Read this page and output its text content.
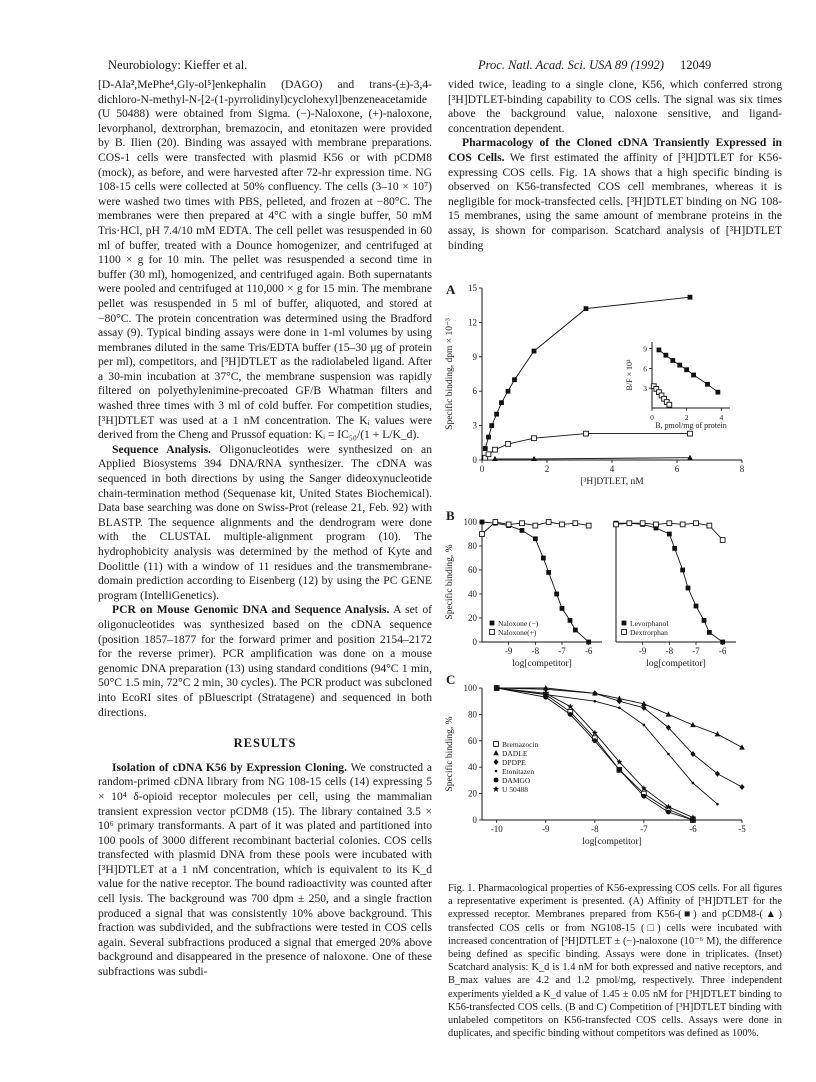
Neurobiology: Kieffer et al.	Proc. Natl. Acad. Sci. USA 89 (1992) 12049

[D-Ala²,MePhe⁴,Gly-ol⁵]enkephalin (DAGO) and trans-(±)-3,4-dichloro-N-methyl-N-[2-(1-pyrrolidinyl)cyclohexyl]benzeneacetamide (U 50488) were obtained from Sigma. (−)-Naloxone, (+)-naloxone, levorphanol, dextrorphan, bremazocin, and etonitazen were provided by B. Ilien (20). Binding was assayed with membrane preparations. COS-1 cells were transfected with plasmid K56 or with pCDM8 (mock), as before, and were harvested after 72-hr expression time. NG 108-15 cells were collected at 50% confluency. The cells (3–10 × 10⁷) were washed two times with PBS, pelleted, and frozen at −80°C. The membranes were then prepared at 4°C with a single buffer, 50 mM Tris·HCl, pH 7.4/10 mM EDTA. The cell pellet was resuspended in 60 ml of buffer, treated with a Dounce homogenizer, and centrifuged at 1100 × g for 10 min. The pellet was resuspended a second time in buffer (30 ml), homogenized, and centrifuged again. Both supernatants were pooled and centrifuged at 110,000 × g for 15 min. The membrane pellet was resuspended in 5 ml of buffer, aliquoted, and stored at −80°C. The protein concentration was determined using the Bradford assay (9). Typical binding assays were done in 1-ml volumes by using membranes diluted in the same Tris/EDTA buffer (15–30 μg of protein per ml), competitors, and [³H]DTLET as the radiolabeled ligand. After a 30-min incubation at 37°C, the membrane suspension was rapidly filtered on polyethylenimine-precoated GF/B Whatman filters and washed three times with 3 ml of cold buffer. For competition studies, [³H]DTLET was used at a 1 nM concentration. The Kᵢ values were derived from the Cheng and Prussof equation: Kᵢ = IC₅₀/(1 + L/K_d).

Sequence Analysis. Oligonucleotides were synthesized on an Applied Biosystems 394 DNA/RNA synthesizer. The cDNA was sequenced in both directions by using the Sanger dideoxynucleotide chain-termination method (Sequenase kit, United States Biochemical). Data base searching was done on Swiss-Prot (release 21, Feb. 92) with BLASTP. The sequence alignments and the dendrogram were done with the CLUSTAL multiple-alignment program (10). The hydrophobicity analysis was determined by the method of Kyte and Doolittle (11) with a window of 11 residues and the transmembrane-domain prediction according to Eisenberg (12) by using the PC GENE program (IntelliGenetics).

PCR on Mouse Genomic DNA and Sequence Analysis. A set of oligonucleotides was synthesized based on the cDNA sequence (position 1857–1877 for the forward primer and position 2154–2172 for the reverse primer). PCR amplification was done on a mouse genomic DNA preparation (13) using standard conditions (94°C 1 min, 50°C 1.5 min, 72°C 2 min, 30 cycles). The PCR product was subcloned into EcoRI sites of pBluescript (Stratagene) and sequenced in both directions.

RESULTS

Isolation of cDNA K56 by Expression Cloning. We constructed a random-primed cDNA library from NG 108-15 cells (14) expressing 5 × 10⁴ δ-opioid receptor molecules per cell, using the mammalian transient expression vector pCDM8 (15). The library contained 3.5 × 10⁶ primary transformants. A part of it was plated and partitioned into 100 pools of 3000 different recombinant bacterial colonies. COS cells transfected with plasmid DNA from these pools were incubated with [³H]DTLET at a 1 nM concentration, which is equivalent to its K_d value for the native receptor. The bound radioactivity was counted after cell lysis. The background was 700 dpm ± 250, and a single fraction produced a signal that was consistently 10% above background. This fraction was subdivided, and the subfractions were tested in COS cells again. Several subfractions produced a signal that emerged 20% above background and disappeared in the presence of naloxone. One of these subfractions was subdi-

vided twice, leading to a single clone, K56, which conferred strong [³H]DTLET-binding capability to COS cells. The signal was six times above the background value, naloxone sensitive, and ligand-concentration dependent.

Pharmacology of the Cloned cDNA Transiently Expressed in COS Cells. We first estimated the affinity of [³H]DTLET for K56-expressing COS cells. Fig. 1A shows that a high specific binding is observed on K56-transfected COS cell membranes, whereas it is negligible for mock-transfected cells. [³H]DTLET binding on NG 108-15 membranes, using the same amount of membrane proteins in the assay, is shown for comparison. Scatchard analysis of [³H]DTLET binding

A
0	2	4	6	8
0
3
6
9
12
15
[³H]DTLET, nM
Specific binding, dpm × 10⁻³	0	2	4
3
6
9
B, pmol/mg of protein
B/F × 10³
B
-9 -8 -7 -6
0
20
40
60
80
100
log[competitor]
Specific binding, %
-9 -8 -7 -6
log[competitor]
Naloxone (−)
Naloxone(+)
Levorphanol
Dextrorphan
C
-10	-9	-8	-7	-6	-5
0
20
40
60
80
100
log[competitor]
Specific binding, %	Bremazocin
DADLE
DPDPE
Etonitazen
DAMGO
U 50488
Fig. 1. Pharmacological properties of K56-expressing COS cells. For all figures a representative experiment is presented. (A) Affinity of [³H]DTLET for the expressed receptor. Membranes prepared from K56-(■) and pCDM8-(▲) transfected COS cells or from NG108-15 (□) cells were incubated with increased concentration of [³H]DTLET ± (−)-naloxone (10⁻⁶ M), the difference being defined as specific binding. Assays were done in triplicates. (Inset) Scatchard analysis: K_d is 1.4 nM for both expressed and native receptors, and B_max values are 4.2 and 1.2 pmol/mg, respectively. Three independent experiments yielded a K_d value of 1.45 ± 0.05 nM for [³H]DTLET binding to K56-transfected COS cells. (B and C) Competition of [³H]DTLET binding with unlabeled competitors on K56-transfected COS cells. Assays were done in duplicates, and specific binding without competitors was defined as 100%.
